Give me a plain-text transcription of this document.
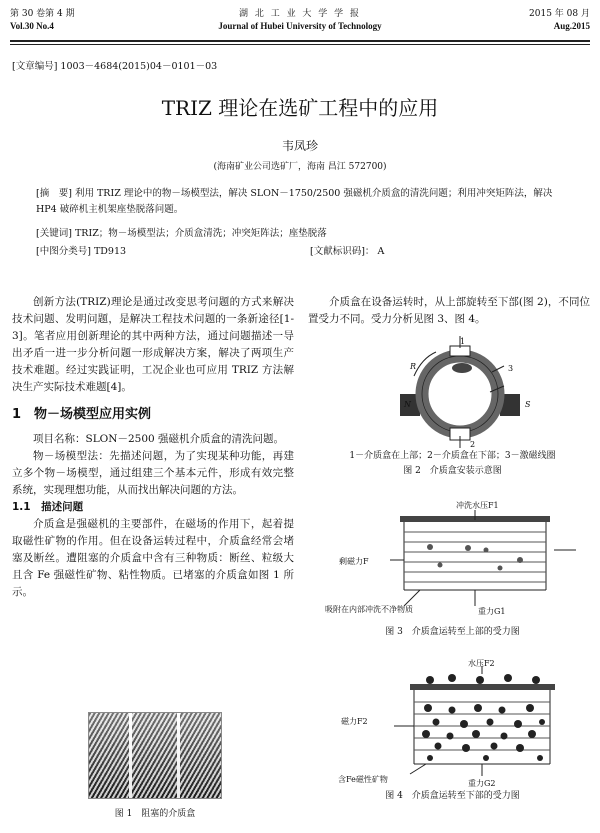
第 30 卷第 4 期
Vol.30 No.4
湖 北 工 业 大 学 学 报
Journal of Hubei University of Technology
2015 年 08 月
Aug.2015
[文章编号] 1003－4684(2015)04－0101－03
TRIZ 理论在选矿工程中的应用
韦凤珍
(海南矿业公司选矿厂，海南 昌江 572700)
[摘　要] 利用 TRIZ 理论中的物－场模型法，解决 SLON－1750/2500 强磁机介质盒的清洗问题；利用冲突矩阵法，解决 HP4 破碎机主机架座垫脱落问题。
[关键词] TRIZ；物－场模型法；介质盒清洗；冲突矩阵法；座垫脱落
[中图分类号] TD913	[文献标识码]： A

创新方法(TRIZ)理论是通过改变思考问题的方式来解决技术问题、发明问题，是解决工程技术问题的一条新途径[1-3]。笔者应用创新理论的其中两种方法，通过问题描述一导出矛盾一进一步分析问题一形成解决方案，解决了两项生产技术难题。经过实践证明，工况企业也可应用 TRIZ 方法解决生产实际技术难题[4]。

1　物－场模型应用实例

项目名称：SLON－2500 强磁机介质盒的清洗问题。

物－场模型法：先描述问题，为了实现某种功能，再建立多个物－场模型，通过组建三个基本元件，形成有效完整系统，实现理想功能，从而找出解决问题的方法。

1.1　描述问题

介质盒是强磁机的主要部件，在磁场的作用下，起着提取磁性矿物的作用。但在设备运转过程中，介质盒经常会堵塞及断丝。遭阻塞的介质盒中含有三种物质：断丝、粒级大且含 Fe 强磁性矿物、粘性物质。已堵塞的介质盒如图 1 所示。

图 1　阻塞的介质盒

介质盒在设备运转时，从上部旋转至下部(图 2)，不同位置受力不同。受力分析见图 3、图 4。

1
3
2
N	S
R
1－介质盒在上部；2－介质盒在下部；3－激磁线圈
图 2　介质盒安装示意图
冲洗水压F1
剩磁力F
吸附在内部冲洗不净物质	重力G1
图 3　介质盒运转至上部的受力图
水压F2
磁力F2
含Fe磁性矿物	重力G2
图 4　介质盒运转至下部的受力图
